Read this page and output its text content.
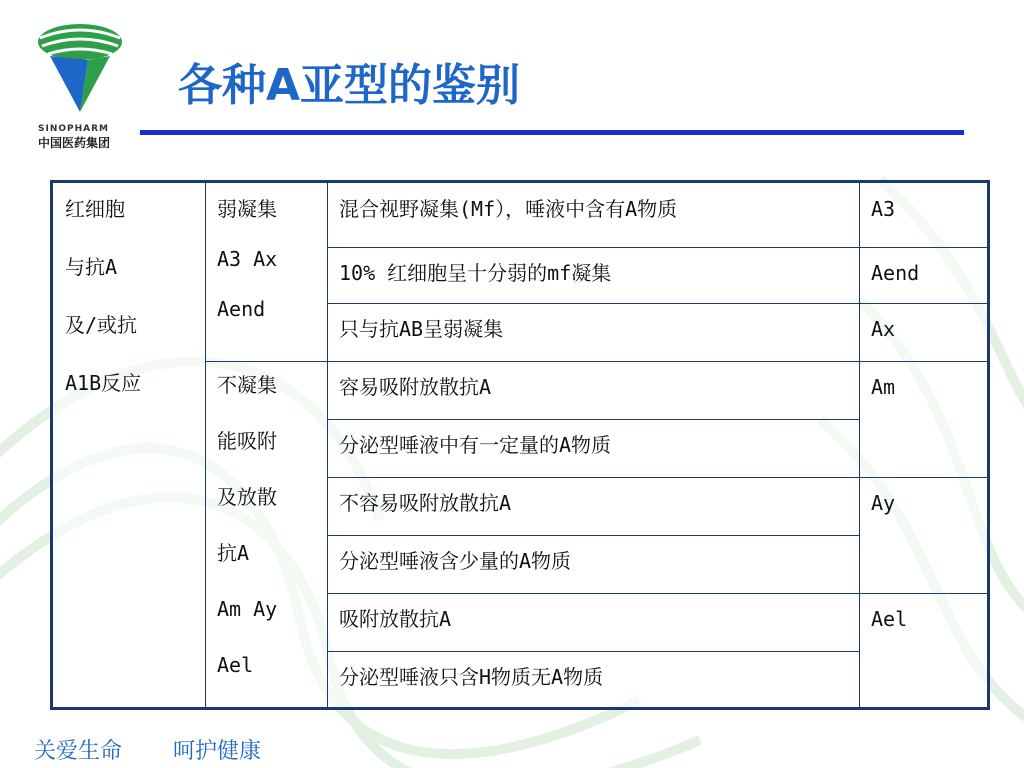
SINOPHARM
中国医药集团
各种A亚型的鉴别
红细胞
与抗A
及/或抗
A1B反应
弱凝集
A3 Ax
Aend
不凝集
能吸附
及放散
抗A
Am Ay
Ael
混合视野凝集(Mf），唾液中含有A物质
10% 红细胞呈十分弱的mf凝集
只与抗AB呈弱凝集
容易吸附放散抗A
分泌型唾液中有一定量的A物质
不容易吸附放散抗A
分泌型唾液含少量的A物质
吸附放散抗A
分泌型唾液只含H物质无A物质
A3
Aend
Ax
Am
Ay
Ael
关爱生命 呵护健康
